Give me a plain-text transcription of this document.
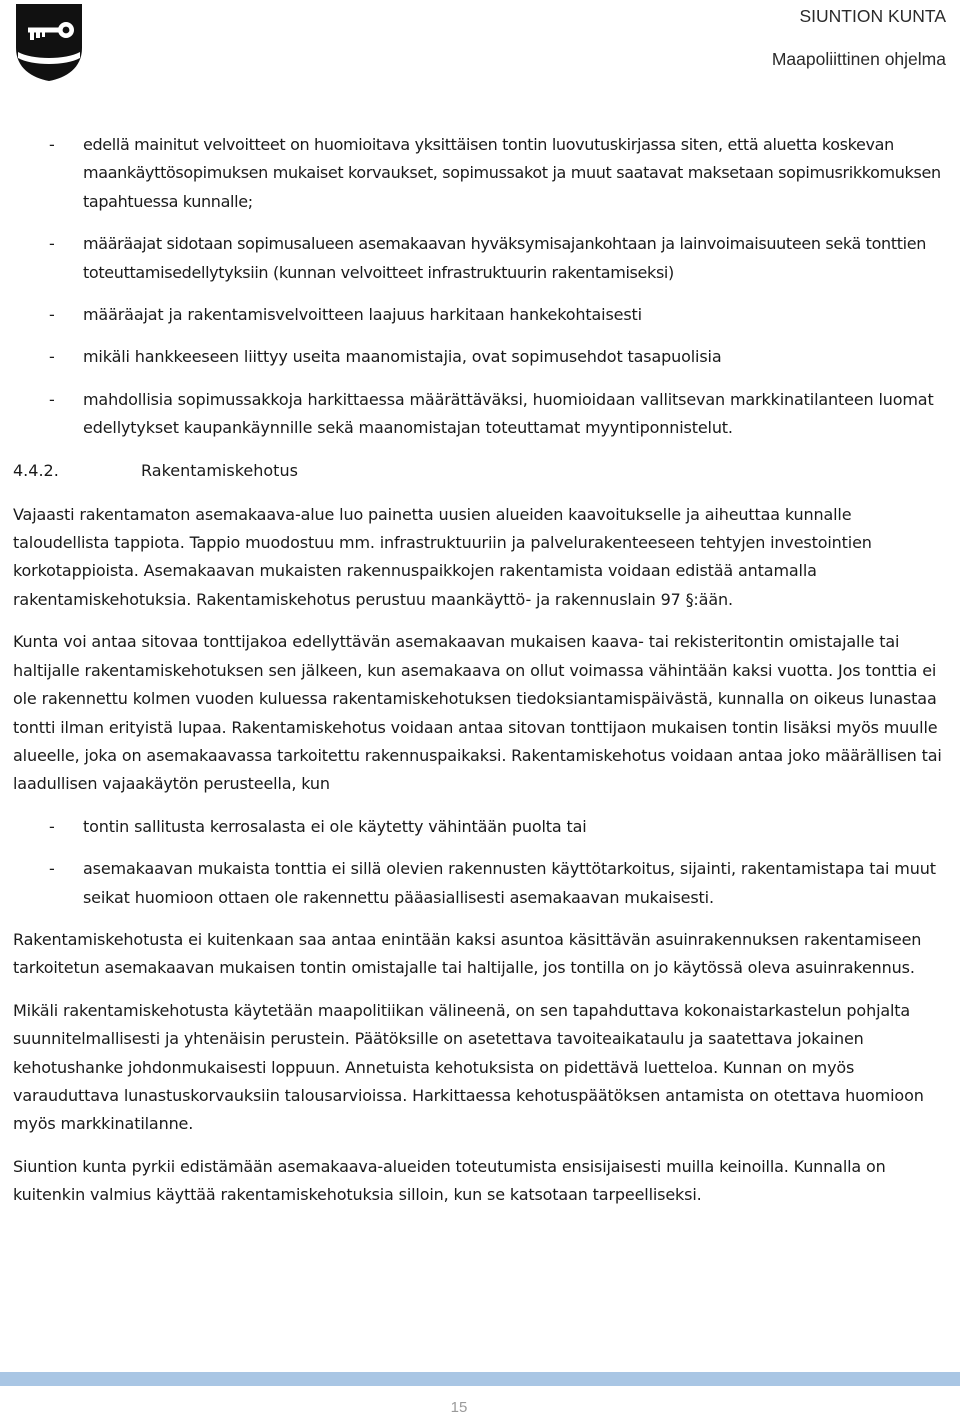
SIUNTION KUNTA
Maapoliittinen ohjelma
- edellä mainitut velvoitteet on huomioitava yksittäisen tontin luovutuskirjassa siten, että aluetta koskevan maankäyttösopimuksen mukaiset korvaukset, sopimussakot ja muut saatavat maksetaan sopimusrikkomuksen tapahtuessa kunnalle;
- määräajat sidotaan sopimusalueen asemakaavan hyväksymisajankohtaan ja lainvoimaisuuteen sekä tonttien toteuttamisedellytyksiin (kunnan velvoitteet infrastruktuurin rakentamiseksi)
- määräajat ja rakentamisvelvoitteen laajuus harkitaan hankekohtaisesti
- mikäli hankkeeseen liittyy useita maanomistajia, ovat sopimusehdot tasapuolisia
- mahdollisia sopimussakkoja harkittaessa määrättäväksi, huomioidaan vallitsevan markkinatilanteen luomat edellytykset kaupankäynnille sekä maanomistajan toteuttamat myyntiponnistelut.
4.4.2.	Rakentamiskehotus

Vajaasti rakentamaton asemakaava-alue luo painetta uusien alueiden kaavoitukselle ja aiheuttaa kunnalle taloudellista tappiota. Tappio muodostuu mm. infrastruktuuriin ja palvelurakenteeseen tehtyjen investointien korkotappioista. Asemakaavan mukaisten rakennuspaikkojen rakentamista voidaan edistää antamalla rakentamiskehotuksia. Rakentamiskehotus perustuu maankäyttö- ja rakennuslain 97 §:ään.

Kunta voi antaa sitovaa tonttijakoa edellyttävän asemakaavan mukaisen kaava- tai rekisteritontin omistajalle tai haltijalle rakentamiskehotuksen sen jälkeen, kun asemakaava on ollut voimassa vähintään kaksi vuotta. Jos tonttia ei ole rakennettu kolmen vuoden kuluessa rakentamiskehotuksen tiedoksiantamispäivästä, kunnalla on oikeus lunastaa tontti ilman erityistä lupaa. Rakentamiskehotus voidaan antaa sitovan tonttijaon mukaisen tontin lisäksi myös muulle alueelle, joka on asemakaavassa tarkoitettu rakennuspaikaksi. Rakentamiskehotus voidaan antaa joko määrällisen tai laadullisen vajaakäytön perusteella, kun

- tontin sallitusta kerrosalasta ei ole käytetty vähintään puolta tai
- asemakaavan mukaista tonttia ei sillä olevien rakennusten käyttötarkoitus, sijainti, rakentamistapa tai muut seikat huomioon ottaen ole rakennettu pääasiallisesti asemakaavan mukaisesti.

Rakentamiskehotusta ei kuitenkaan saa antaa enintään kaksi asuntoa käsittävän asuinrakennuksen rakentamiseen tarkoitetun asemakaavan mukaisen tontin omistajalle tai haltijalle, jos tontilla on jo käytössä oleva asuinrakennus.

Mikäli rakentamiskehotusta käytetään maapolitiikan välineenä, on sen tapahduttava kokonaistarkastelun pohjalta suunnitelmallisesti ja yhtenäisin perustein. Päätöksille on asetettava tavoiteaikataulu ja saatettava jokainen kehotushanke johdonmukaisesti loppuun. Annetuista kehotuksista on pidettävä luetteloa. Kunnan on myös varauduttava lunastuskorvauksiin talousarvioissa. Harkittaessa kehotuspäätöksen antamista on otettava huomioon myös markkinatilanne.

Siuntion kunta pyrkii edistämään asemakaava-alueiden toteutumista ensisijaisesti muilla keinoilla. Kunnalla on kuitenkin valmius käyttää rakentamiskehotuksia silloin, kun se katsotaan tarpeelliseksi.

15
